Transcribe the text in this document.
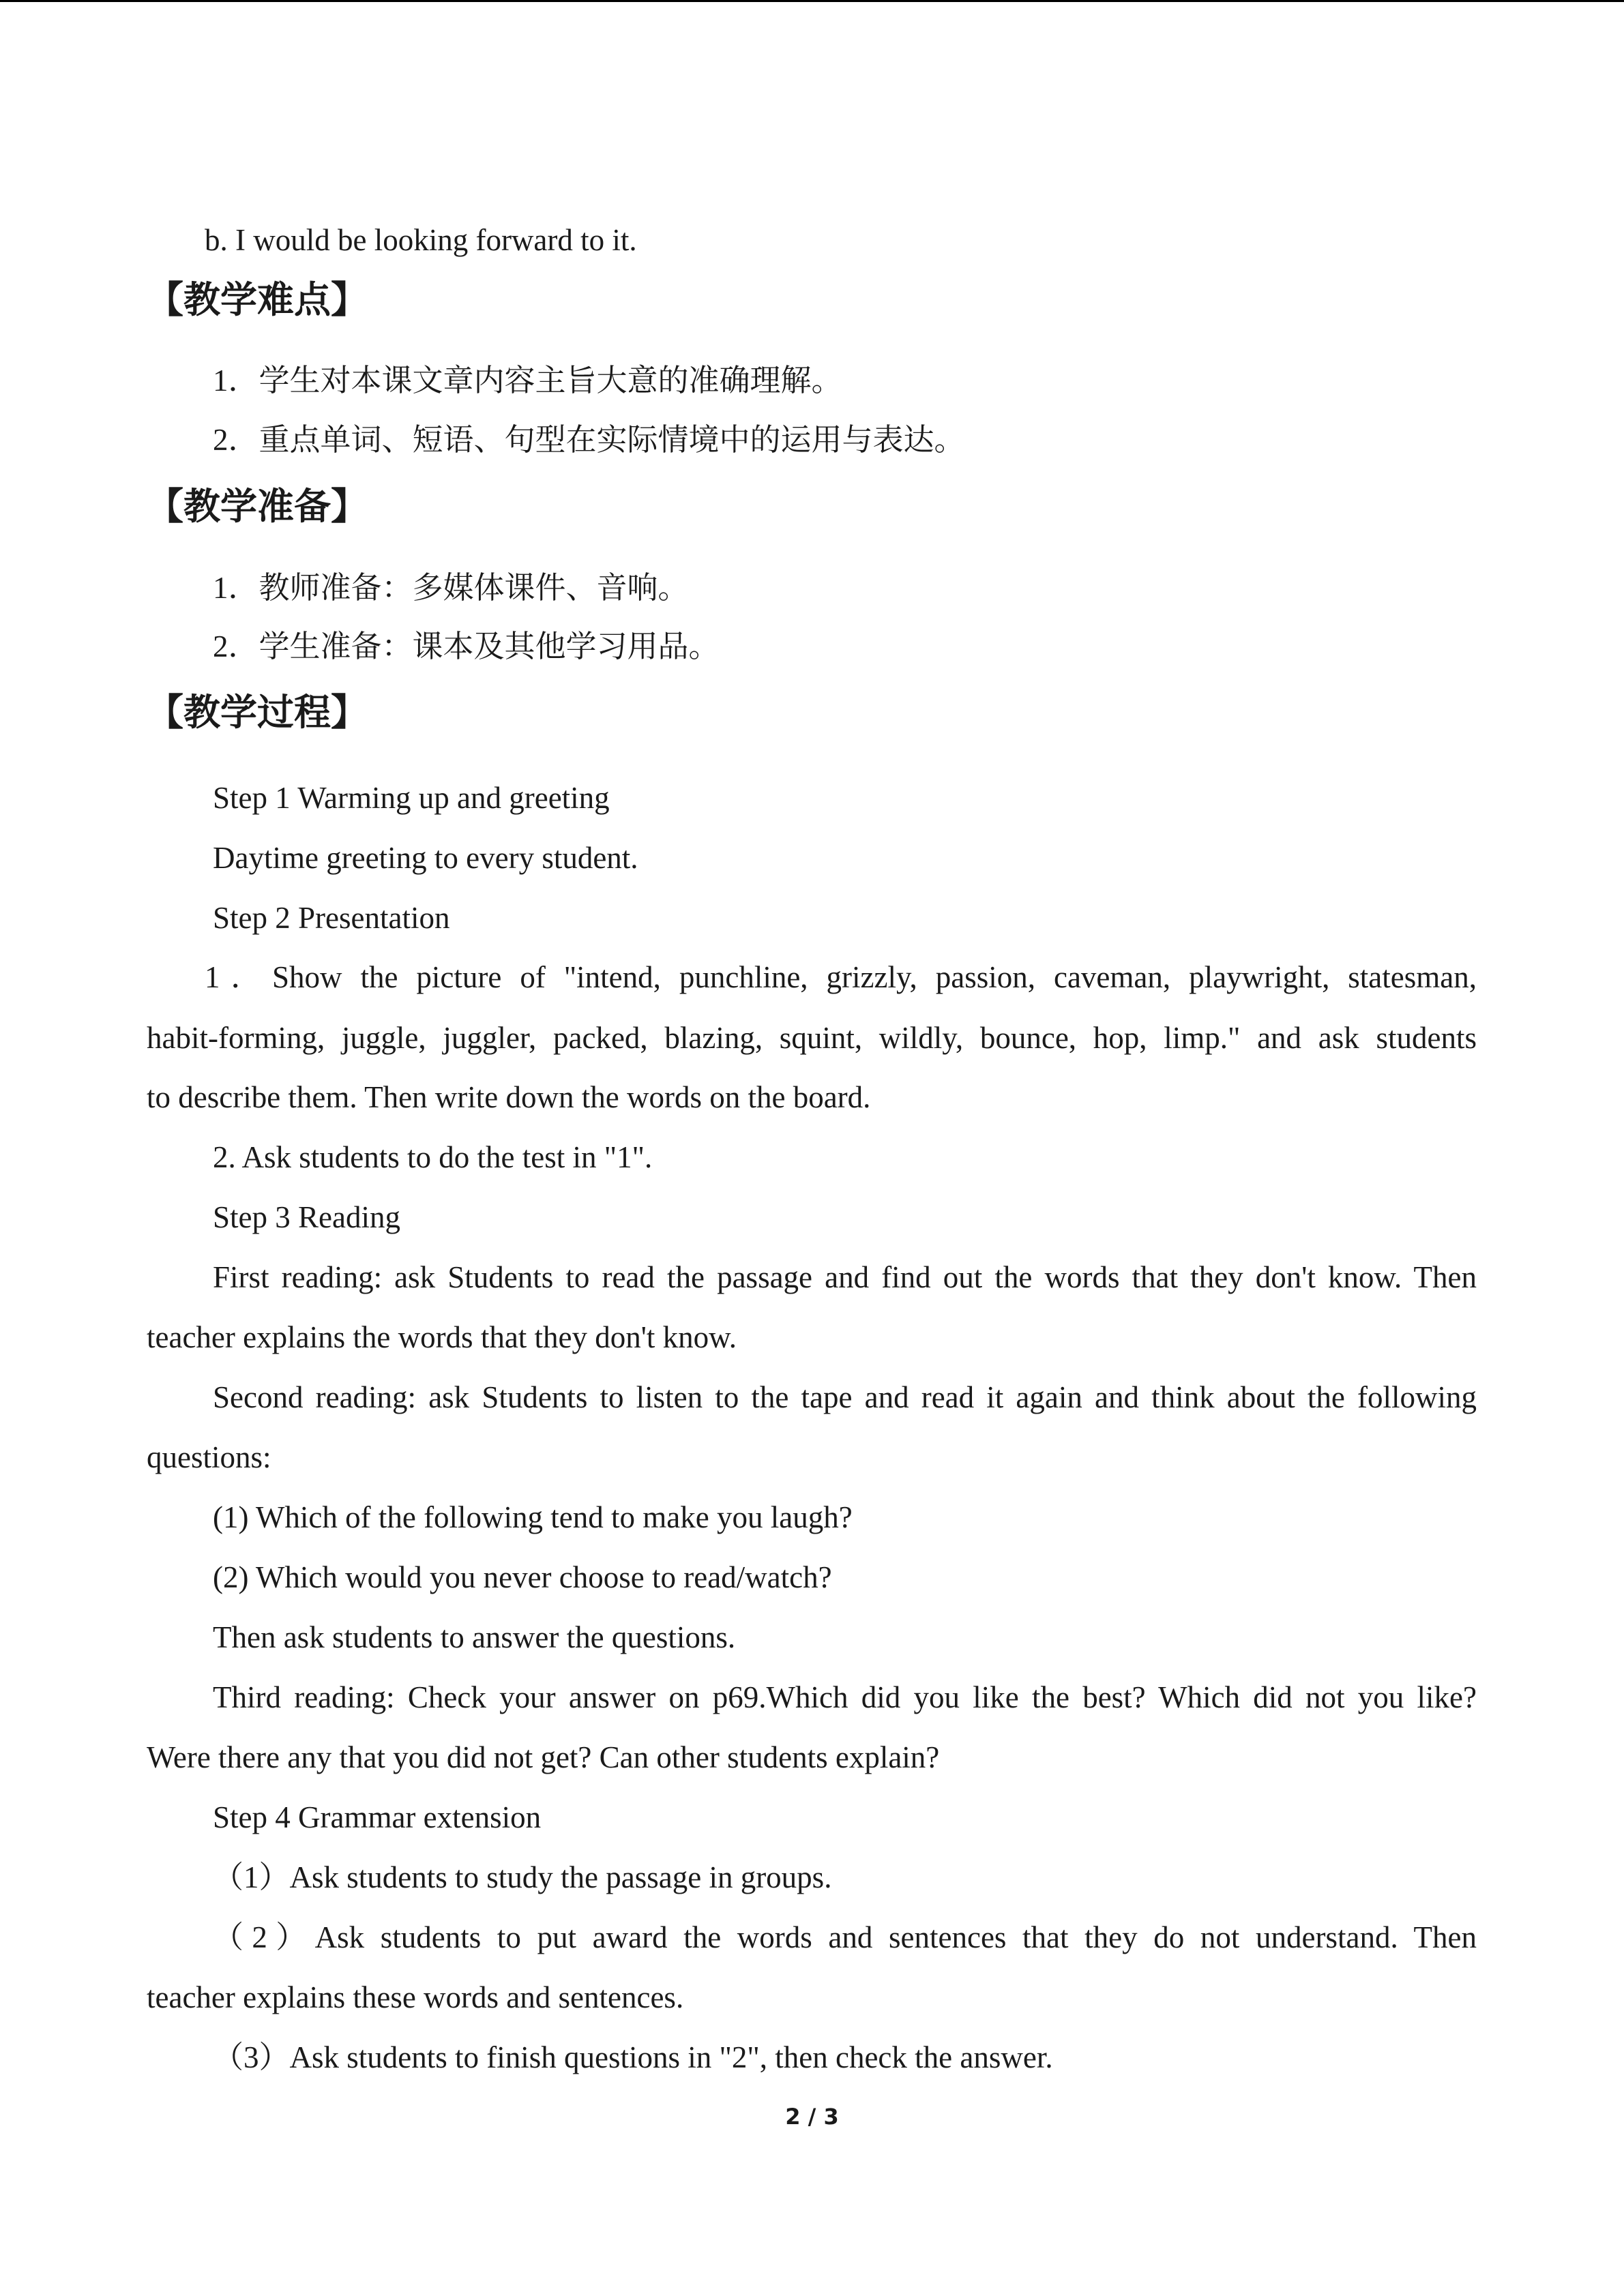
b. I would be looking forward to it.

【教学难点】

1．学生对本课文章内容主旨大意的准确理解。

2．重点单词、短语、句型在实际情境中的运用与表达。

【教学准备】

1．教师准备：多媒体课件、音响。

2．学生准备：课本及其他学习用品。

【教学过程】

Step 1 Warming up and greeting

Daytime greeting to every student.

Step 2 Presentation

1．Show the picture of "intend, punchline, grizzly, passion, caveman, playwright, statesman,

habit-forming, juggle, juggler, packed, blazing, squint, wildly, bounce, hop, limp." and ask students

to describe them. Then write down the words on the board.

2. Ask students to do the test in "1".

Step 3 Reading

First reading: ask Students to read the passage and find out the words that they don't know. Then

teacher explains the words that they don't know.

Second reading: ask Students to listen to the tape and read it again and think about the following

questions:

(1) Which of the following tend to make you laugh?

(2) Which would you never choose to read/watch?

Then ask students to answer the questions.

Third reading: Check your answer on p69.Which did you like the best? Which did not you like?

Were there any that you did not get? Can other students explain?

Step 4 Grammar extension

（1）Ask students to study the passage in groups.

（2）Ask students to put award the words and sentences that they do not understand. Then

teacher explains these words and sentences.

（3）Ask students to finish questions in "2", then check the answer.

2 / 3
